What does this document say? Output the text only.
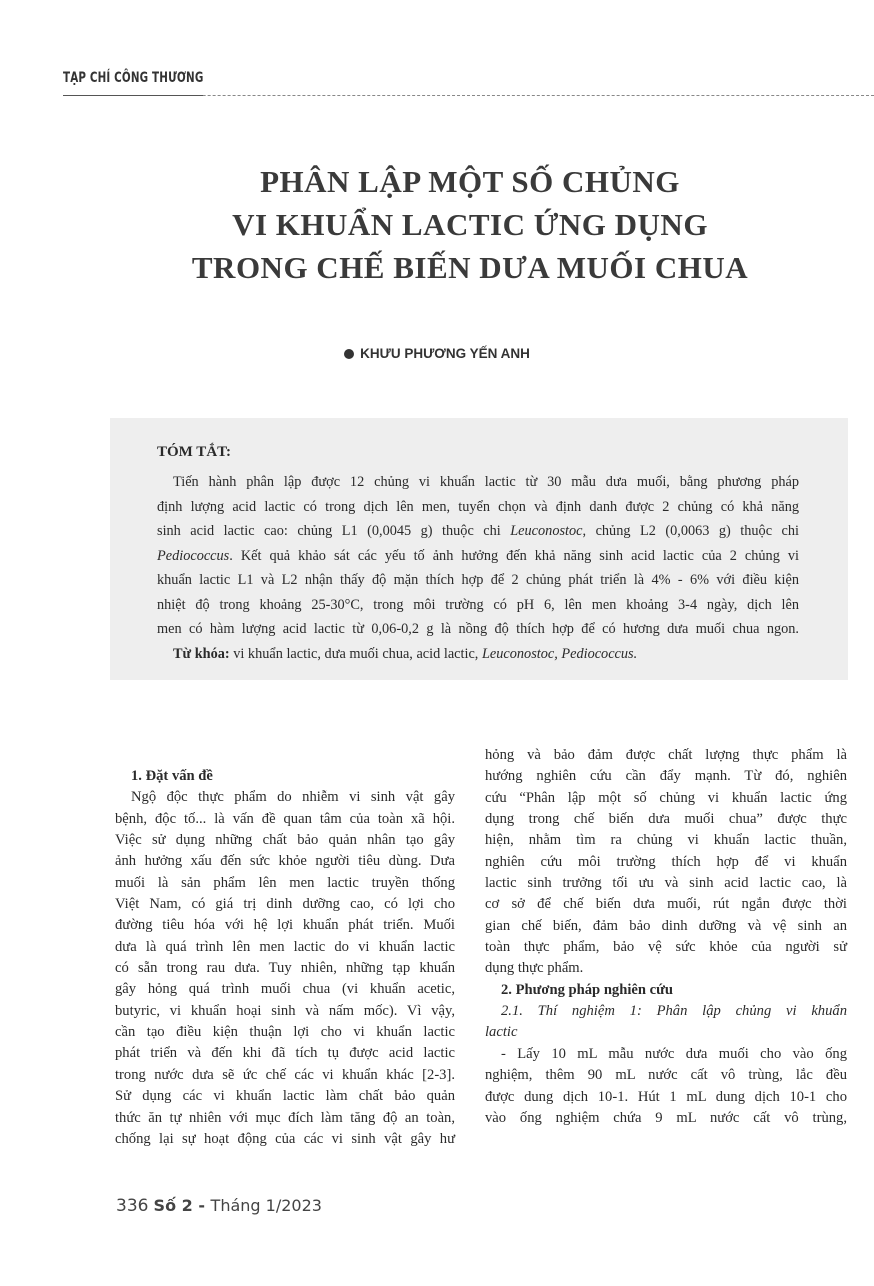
TẠP CHÍ CÔNG THƯƠNG
PHÂN LẬP MỘT SỐ CHỦNG
VI KHUẨN LACTIC ỨNG DỤNG
TRONG CHẾ BIẾN DƯA MUỐI CHUA
KHƯU PHƯƠNG YẾN ANH
TÓM TẮT:
Tiến hành phân lập được 12 chủng vi khuẩn lactic từ 30 mẫu dưa muối, bằng phương pháp
định lượng acid lactic có trong dịch lên men, tuyển chọn và định danh được 2 chủng có khả năng
sinh acid lactic cao: chủng L1 (0,0045 g) thuộc chi Leuconostoc, chủng L2 (0,0063 g) thuộc chi
Pediococcus. Kết quả khảo sát các yếu tố ảnh hưởng đến khả năng sinh acid lactic của 2 chủng vi
khuẩn lactic L1 và L2 nhận thấy độ mặn thích hợp để 2 chủng phát triển là 4% - 6% với điều kiện
nhiệt độ trong khoảng 25-30°C, trong môi trường có pH 6, lên men khoảng 3-4 ngày, dịch lên
men có hàm lượng acid lactic từ 0,06-0,2 g là nồng độ thích hợp để có hương dưa muối chua ngon.
Từ khóa: vi khuẩn lactic, dưa muối chua, acid lactic, Leuconostoc, Pediococcus.
1. Đặt vấn đề
Ngộ độc thực phẩm do nhiễm vi sinh vật gây
bệnh, độc tố... là vấn đề quan tâm của toàn xã hội.
Việc sử dụng những chất bảo quản nhân tạo gây
ảnh hưởng xấu đến sức khỏe người tiêu dùng. Dưa
muối là sản phẩm lên men lactic truyền thống
Việt Nam, có giá trị dinh dưỡng cao, có lợi cho
đường tiêu hóa với hệ lợi khuẩn phát triển. Muối
dưa là quá trình lên men lactic do vi khuẩn lactic
có sẵn trong rau dưa. Tuy nhiên, những tạp khuẩn
gây hỏng quá trình muối chua (vi khuẩn acetic,
butyric, vi khuẩn hoại sinh và nấm mốc). Vì vậy,
cần tạo điều kiện thuận lợi cho vi khuẩn lactic
phát triển và đến khi đã tích tụ được acid lactic
trong nước dưa sẽ ức chế các vi khuẩn khác [2-3].
Sử dụng các vi khuẩn lactic làm chất bảo quản
thức ăn tự nhiên với mục đích làm tăng độ an toàn,
chống lại sự hoạt động của các vi sinh vật gây hư
hỏng và bảo đảm được chất lượng thực phẩm là
hướng nghiên cứu cần đẩy mạnh. Từ đó, nghiên
cứu “Phân lập một số chủng vi khuẩn lactic ứng
dụng trong chế biến dưa muối chua” được thực
hiện, nhằm tìm ra chủng vi khuẩn lactic thuần,
nghiên cứu môi trường thích hợp để vi khuẩn
lactic sinh trưởng tối ưu và sinh acid lactic cao, là
cơ sở để chế biến dưa muối, rút ngắn được thời
gian chế biến, đảm bảo dinh dưỡng và vệ sinh an
toàn thực phẩm, bảo vệ sức khỏe của người sử
dụng thực phẩm.
2. Phương pháp nghiên cứu
2.1. Thí nghiệm 1: Phân lập chủng vi khuẩn
lactic
- Lấy 10 mL mẫu nước dưa muối cho vào ống
nghiệm, thêm 90 mL nước cất vô trùng, lắc đều
được dung dịch 10-1. Hút 1 mL dung dịch 10-1 cho
vào ống nghiệm chứa 9 mL nước cất vô trùng,
336 Số 2 - Tháng 1/2023
